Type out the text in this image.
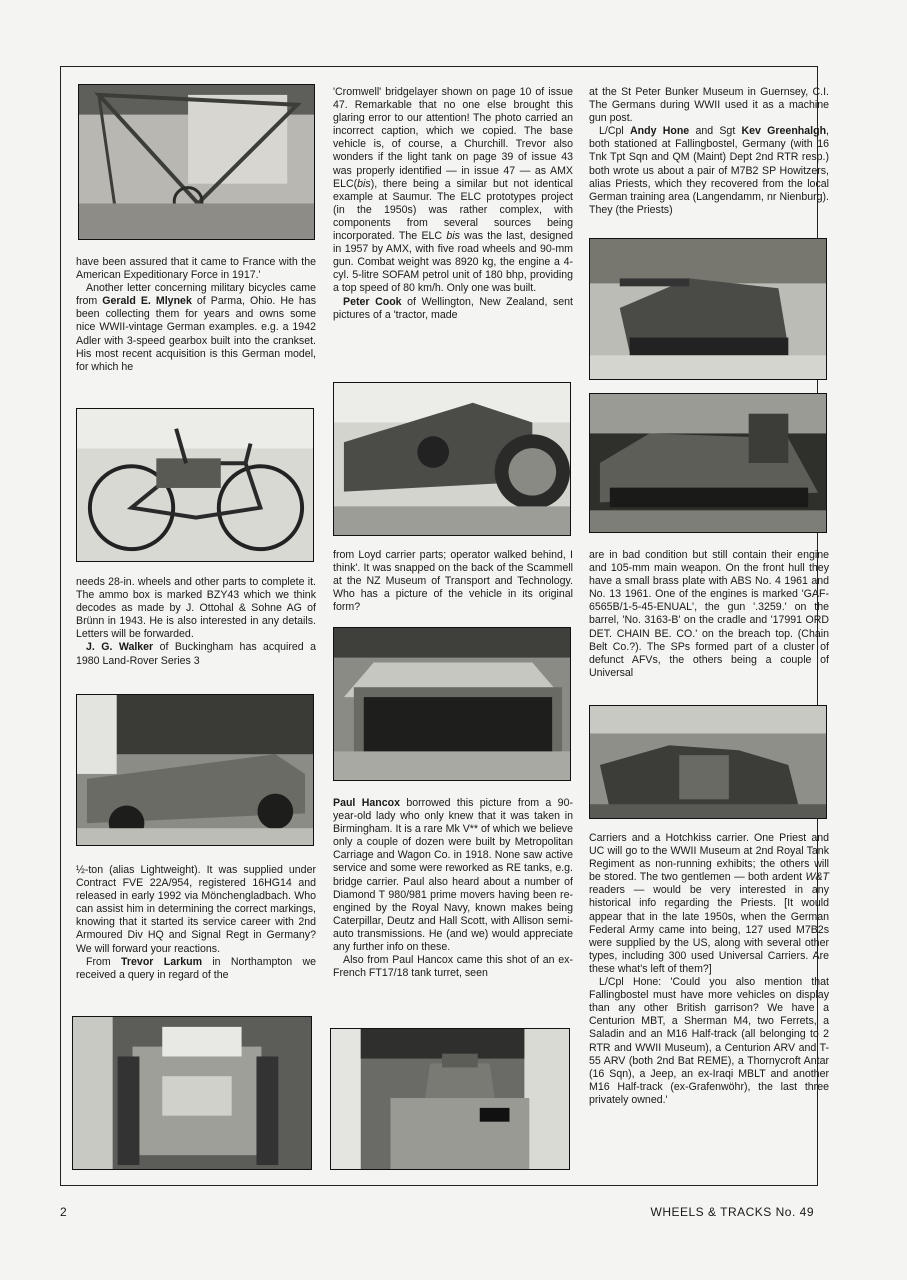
have been assured that it came to France with the American Expeditionary Force in 1917.'

Another letter concerning military bicycles came from Gerald E. Mlynek of Parma, Ohio. He has been collecting them for years and owns some nice WWII-vintage German examples. e.g. a 1942 Adler with 3-speed gearbox built into the crankset. His most recent acquisition is this German model, for which he

needs 28-in. wheels and other parts to complete it. The ammo box is marked BZY43 which we think decodes as made by J. Ottohal & Sohne AG of Brünn in 1943. He is also interested in any details. Letters will be forwarded.

J. G. Walker of Buckingham has acquired a 1980 Land-Rover Series 3

½-ton (alias Lightweight). It was supplied under Contract FVE 22A/954, registered 16HG14 and released in early 1992 via Mönchengladbach. Who can assist him in determining the correct markings, knowing that it started its service career with 2nd Armoured Div HQ and Signal Regt in Germany? We will forward your reactions.

From Trevor Larkum in Northampton we received a query in regard of the

'Cromwell' bridgelayer shown on page 10 of issue 47. Remarkable that no one else brought this glaring error to our attention! The photo carried an incorrect caption, which we copied. The base vehicle is, of course, a Churchill. Trevor also wonders if the light tank on page 39 of issue 43 was properly identified — in issue 47 — as AMX ELC(bis), there being a similar but not identical example at Saumur. The ELC prototypes project (in the 1950s) was rather complex, with components from several sources being incorporated. The ELC bis was the last, designed in 1957 by AMX, with five road wheels and 90-mm gun. Combat weight was 8920 kg, the engine a 4-cyl. 5-litre SOFAM petrol unit of 180 bhp, providing a top speed of 80 km/h. Only one was built.

Peter Cook of Wellington, New Zealand, sent pictures of a 'tractor, made

from Loyd carrier parts; operator walked behind, I think'. It was snapped on the back of the Scammell at the NZ Museum of Transport and Technology. Who has a picture of the vehicle in its original form?

Paul Hancox borrowed this picture from a 90-year-old lady who only knew that it was taken in Birmingham. It is a rare Mk V** of which we believe only a couple of dozen were built by Metropolitan Carriage and Wagon Co. in 1918. None saw active service and some were reworked as RE tanks, e.g. bridge carrier. Paul also heard about a number of Diamond T 980/981 prime movers having been re-engined by the Royal Navy, known makes being Caterpillar, Deutz and Hall Scott, with Allison semi-auto transmissions. He (and we) would appreciate any further info on these.

Also from Paul Hancox came this shot of an ex-French FT17/18 tank turret, seen

at the St Peter Bunker Museum in Guernsey, C.I. The Germans during WWII used it as a machine gun post.

L/Cpl Andy Hone and Sgt Kev Greenhalgh, both stationed at Fallingbostel, Germany (with 16 Tnk Tpt Sqn and QM (Maint) Dept 2nd RTR resp.) both wrote us about a pair of M7B2 SP Howitzers, alias Priests, which they recovered from the local German training area (Langendamm, nr Nienburg). They (the Priests)

are in bad condition but still contain their engine and 105-mm main weapon. On the front hull they have a small brass plate with ABS No. 4 1961 and No. 13 1961. One of the engines is marked 'GAF-6565B/1-5-45-ENUAL', the gun '.3259.' on the barrel, 'No. 3163-B' on the cradle and '17991 ORD DET. CHAIN BE. CO.' on the breach top. (Chain Belt Co.?). The SPs formed part of a cluster of defunct AFVs, the others being a couple of Universal

Carriers and a Hotchkiss carrier. One Priest and UC will go to the WWII Museum at 2nd Royal Tank Regiment as non-running exhibits; the others will be stored. The two gentlemen — both ardent W&T readers — would be very interested in any historical info regarding the Priests. [It would appear that in the late 1950s, when the German Federal Army came into being, 127 used M7B2s were supplied by the US, along with several other types, including 300 used Universal Carriers. Are these what's left of them?]

L/Cpl Hone: 'Could you also mention that Fallingbostel must have more vehicles on display than any other British garrison? We have a Centurion MBT, a Sherman M4, two Ferrets, a Saladin and an M16 Half-track (all belonging to 2 RTR and WWII Museum), a Centurion ARV and T-55 ARV (both 2nd Bat REME), a Thornycroft Antar (16 Sqn), a Jeep, an ex-Iraqi MBLT and another M16 Half-track (ex-Grafenwöhr), the last three privately owned.'

2	WHEELS & TRACKS No. 49
